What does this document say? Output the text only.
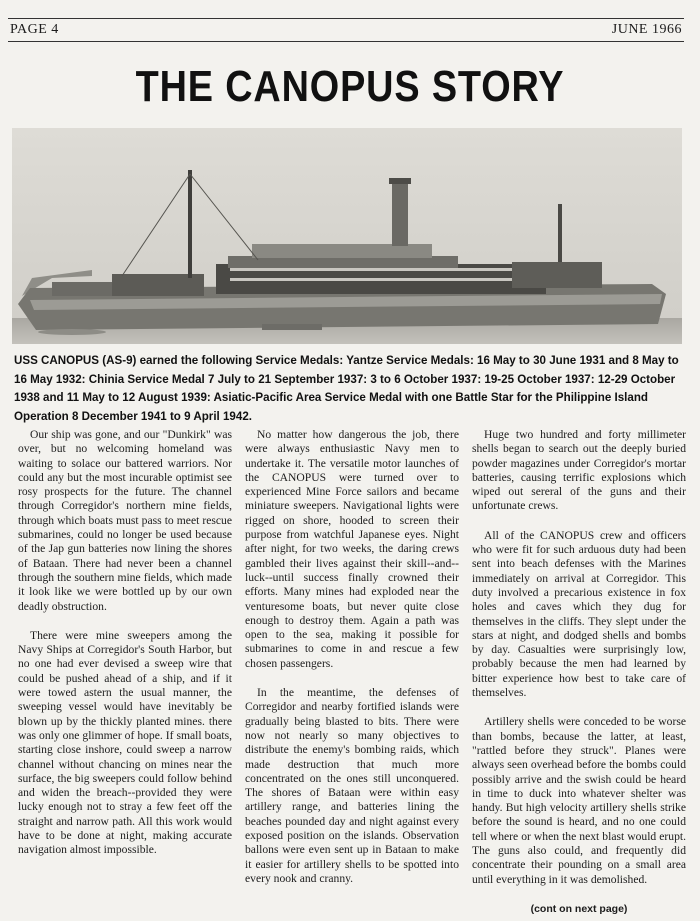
PAGE 4	JUNE 1966
THE CANOPUS STORY
USS CANOPUS (AS-9) earned the following Service Medals: Yantze Service Medals: 16 May to 30 June 1931 and 8 May to 16 May 1932: Chinia Service Medal 7 July to 21 September 1937: 3 to 6 October 1937: 19-25 October 1937: 12-29 October 1938 and 11 May to 12 August 1939: Asiatic-Pacific Area Service Medal with one Battle Star for the Philippine Island Operation 8 December 1941 to 9 April 1942.

Our ship was gone, and our "Dunkirk" was over, but no welcoming homeland was waiting to solace our battered warriors. Nor could any but the most incurable optimist see rosy prospects for the future. The channel through Corregidor's northern mine fields, through which boats must pass to meet rescue submarines, could no longer be used because of the Jap gun batteries now lining the shores of Bataan. There had never been a channel through the southern mine fields, which made it look like we were bottled up by our own deadly obstruction.

There were mine sweepers among the Navy Ships at Corregidor's South Harbor, but no one had ever devised a sweep wire that could be pushed ahead of a ship, and if it were towed astern the usual manner, the sweeping vessel would have inevitably be blown up by the thickly planted mines. there was only one glimmer of hope. If small boats, starting close inshore, could sweep a narrow channel without chancing on mines near the surface, the big sweepers could follow behind and widen the breach--provided they were lucky enough not to stray a few feet off the straight and narrow path. All this work would have to be done at night, making accurate navigation almost impossible.

No matter how dangerous the job, there were always enthusiastic Navy men to undertake it. The versatile motor launches of the CANOPUS were turned over to experienced Mine Force sailors and became miniature sweepers. Navigational lights were rigged on shore, hooded to screen their purpose from watchful Japanese eyes. Night after night, for two weeks, the daring crews gambled their lives against their skill--and--luck--until success finally crowned their efforts. Many mines had exploded near the venturesome boats, but never quite close enough to destroy them. Again a path was open to the sea, making it possible for submarines to come in and rescue a few chosen passengers.

In the meantime, the defenses of Corregidor and nearby fortified islands were gradually being blasted to bits. There were now not nearly so many objectives to distribute the enemy's bombing raids, which made destruction that much more concentrated on the ones still unconquered. The shores of Bataan were within easy artillery range, and batteries lining the beaches pounded day and night against every exposed position on the islands. Observation ballons were even sent up in Bataan to make it easier for artillery shells to be spotted into every nook and cranny.

Huge two hundred and forty millimeter shells began to search out the deeply buried powder magazines under Corregidor's mortar batteries, causing terrific explosions which wiped out sereral of the guns and their unfortunate crews.

All of the CANOPUS crew and officers who were fit for such arduous duty had been sent into beach defenses with the Marines immediately on arrival at Corregidor. This duty involved a precarious existence in fox holes and caves which they dug for themselves in the cliffs. They slept under the stars at night, and dodged shells and bombs by day. Casualties were surprisingly low, probably because the men had learned by bitter experience how best to take care of themselves.

Artillery shells were conceded to be worse than bombs, because the latter, at least, "rattled before they struck". Planes were always seen overhead before the bombs could possibly arrive and the swish could be heard in time to duck into whatever shelter was handy. But high velocity artillery shells strike before the sound is heard, and no one could tell where or when the next blast would erupt. The guns also could, and frequently did concentrate their pounding on a small area until everything in it was demolished.

(cont on next page)
